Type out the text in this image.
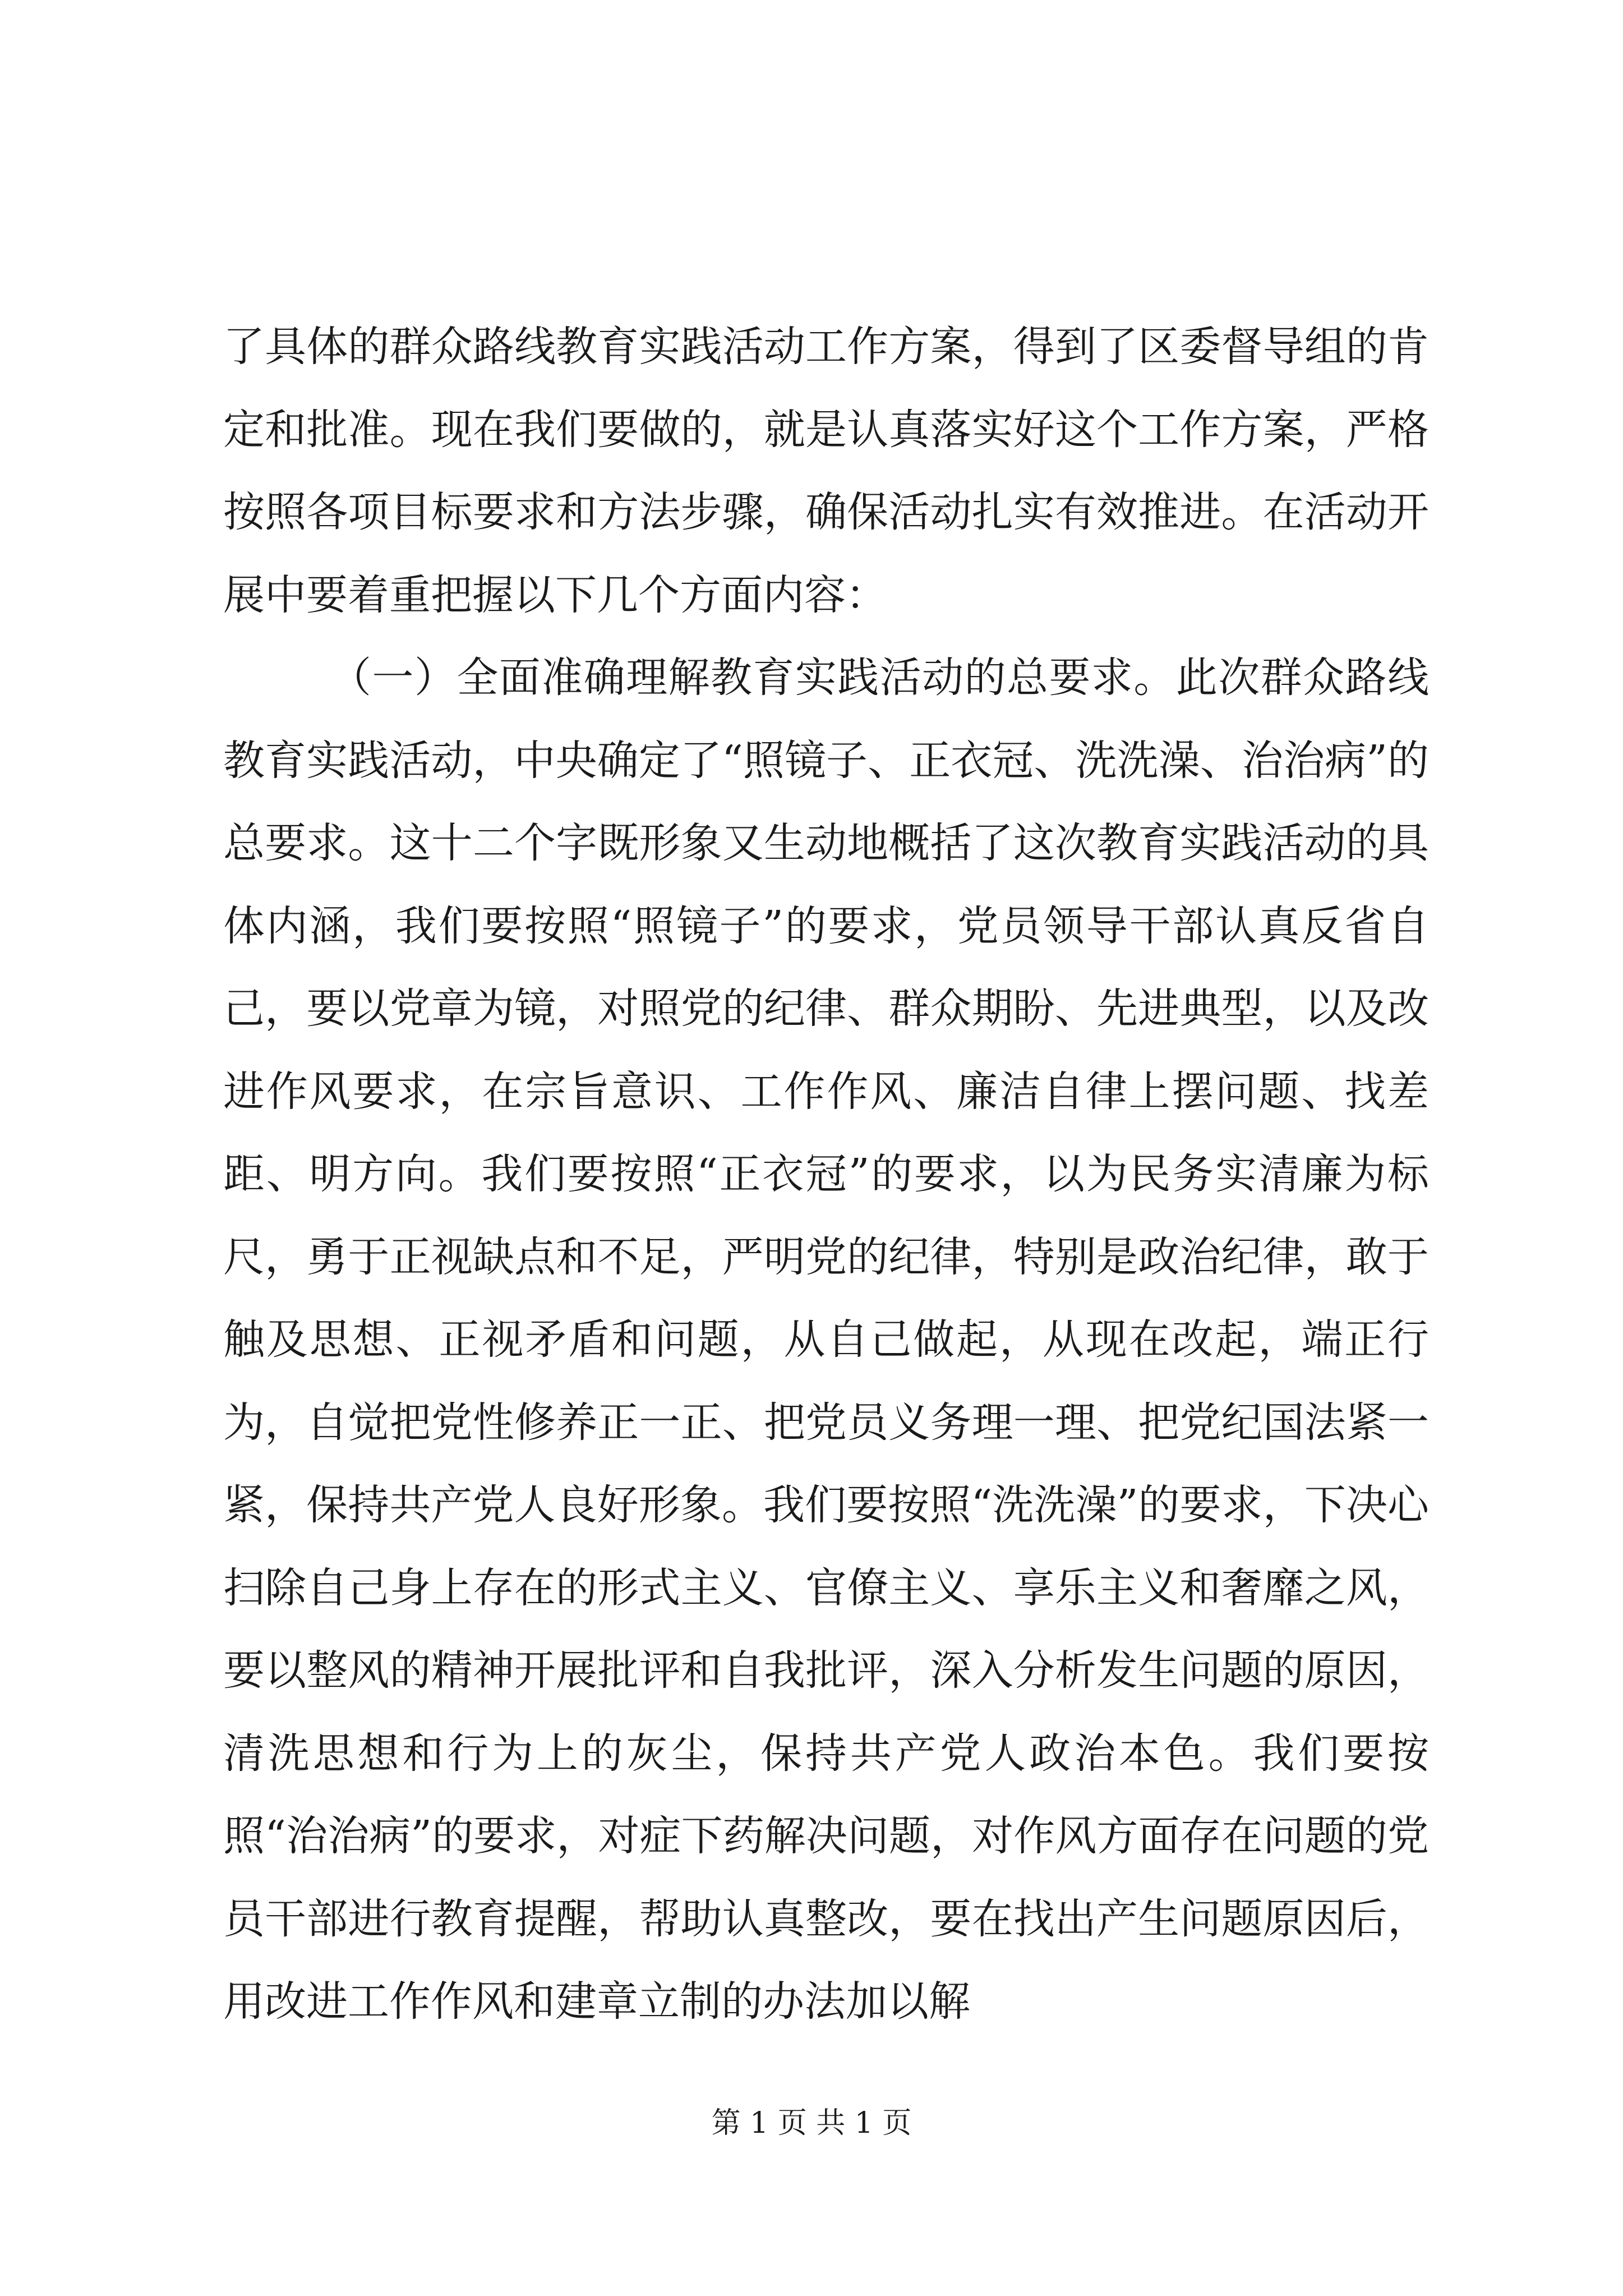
了具体的群众路线教育实践活动工作方案，得到了区委督导组的肯定和批准。现在我们要做的，就是认真落实好这个工作方案，严格按照各项目标要求和方法步骤，确保活动扎实有效推进。在活动开展中要着重把握以下几个方面内容：

（一）全面准确理解教育实践活动的总要求。此次群众路线教育实践活动，中央确定了“照镜子、正衣冠、洗洗澡、治治病”的总要求。这十二个字既形象又生动地概括了这次教育实践活动的具体内涵，我们要按照“照镜子”的要求，党员领导干部认真反省自己，要以党章为镜，对照党的纪律、群众期盼、先进典型，以及改进作风要求，在宗旨意识、工作作风、廉洁自律上摆问题、找差距、明方向。我们要按照“正衣冠”的要求，以为民务实清廉为标尺，勇于正视缺点和不足，严明党的纪律，特别是政治纪律，敢于触及思想、正视矛盾和问题，从自己做起，从现在改起，端正行为，自觉把党性修养正一正、把党员义务理一理、把党纪国法紧一紧，保持共产党人良好形象。我们要按照“洗洗澡”的要求，下决心扫除自己身上存在的形式主义、官僚主义、享乐主义和奢靡之风，要以整风的精神开展批评和自我批评，深入分析发生问题的原因，清洗思想和行为上的灰尘，保持共产党人政治本色。我们要按照“治治病”的要求，对症下药解决问题，对作风方面存在问题的党员干部进行教育提醒，帮助认真整改，要在找出产生问题原因后，用改进工作作风和建章立制的办法加以解

第 1 页 共 1 页
